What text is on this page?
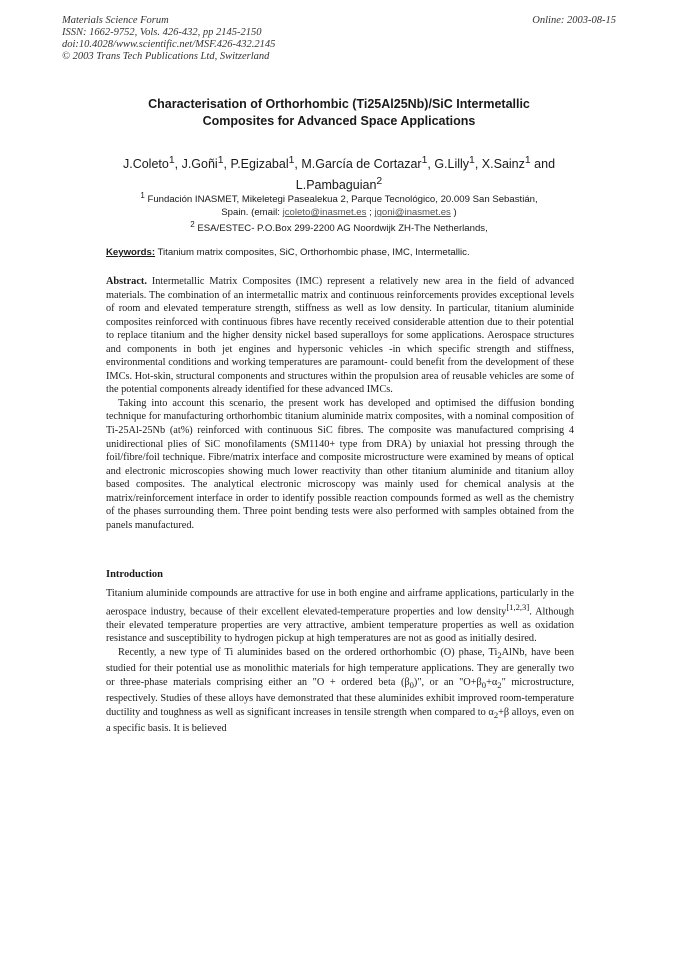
Materials Science Forum
ISSN: 1662-9752, Vols. 426-432, pp 2145-2150
doi:10.4028/www.scientific.net/MSF.426-432.2145
© 2003 Trans Tech Publications Ltd, Switzerland
Online: 2003-08-15
Characterisation of Orthorhombic (Ti25Al25Nb)/SiC Intermetallic
Composites for Advanced Space Applications
J.Coleto$^1$, J.Goñi$^1$, P.Egizabal$^1$, M.García de Cortazar$^1$, G.Lilly$^1$, X.Sainz$^1$ and
L.Pambaguian$^2$
$^1$ Fundación INASMET, Mikeletegi Pasealekua 2, Parque Tecnológico, 20.009 San Sebastián,
Spain. (email: jcoleto@inasmet.es ; jgoni@inasmet.es )
$^2$ ESA/ESTEC- P.O.Box 299-2200 AG Noordwijk ZH-The Netherlands,
Keywords: Titanium matrix composites, SiC, Orthorhombic phase, IMC, Intermetallic.

Abstract. Intermetallic Matrix Composites (IMC) represent a relatively new area in the field of advanced materials. The combination of an intermetallic matrix and continuous reinforcements provides exceptional levels of room and elevated temperature strength, stiffness as well as low density. In particular, titanium aluminide composites reinforced with continuous fibres have recently received considerable attention due to their potential to replace titanium and the higher density nickel based superalloys for some applications. Aerospace structures and components in both jet engines and hypersonic vehicles -in which specific strength and stiffness, environmental conditions and working temperatures are paramount- could benefit from the development of these IMCs. Hot-skin, structural components and structures within the propulsion area of reusable vehicles are some of the potential components already identified for these advanced IMCs.

Taking into account this scenario, the present work has developed and optimised the diffusion bonding technique for manufacturing orthorhombic titanium aluminide matrix composites, with a nominal composition of Ti-25Al-25Nb (at%) reinforced with continuous SiC fibres. The composite was manufactured comprising 4 unidirectional plies of SiC monofilaments (SM1140+ type from DRA) by uniaxial hot pressing through the foil/fibre/foil technique. Fibre/matrix interface and composite microstructure were examined by means of optical and electronic microscopies showing much lower reactivity than other titanium aluminide and titanium alloy based composites. The analytical electronic microscopy was mainly used for chemical analysis at the matrix/reinforcement interface in order to identify possible reaction compounds formed as well as the chemistry of the phases surrounding them. Three point bending tests were also performed with samples obtained from the panels manufactured.

Introduction

Titanium aluminide compounds are attractive for use in both engine and airframe applications, particularly in the aerospace industry, because of their excellent elevated-temperature properties and low density[1,2,3]. Although their elevated temperature properties are very attractive, ambient temperature properties as well as oxidation resistance and susceptibility to hydrogen pickup at high temperatures are not as good as initially desired.

Recently, a new type of Ti aluminides based on the ordered orthorhombic (O) phase, $Ti_2AlNb$, have been studied for their potential use as monolithic materials for high temperature applications. They are generally two or three-phase materials comprising either an "O + ordered beta $(\beta_0)$", or an "$O+\beta_0+\alpha_2$" microstructure, respectively. Studies of these alloys have demonstrated that these aluminides exhibit improved room-temperature ductility and toughness as well as significant increases in tensile strength when compared to $\alpha_2+\beta$ alloys, even on a specific basis. It is believed
